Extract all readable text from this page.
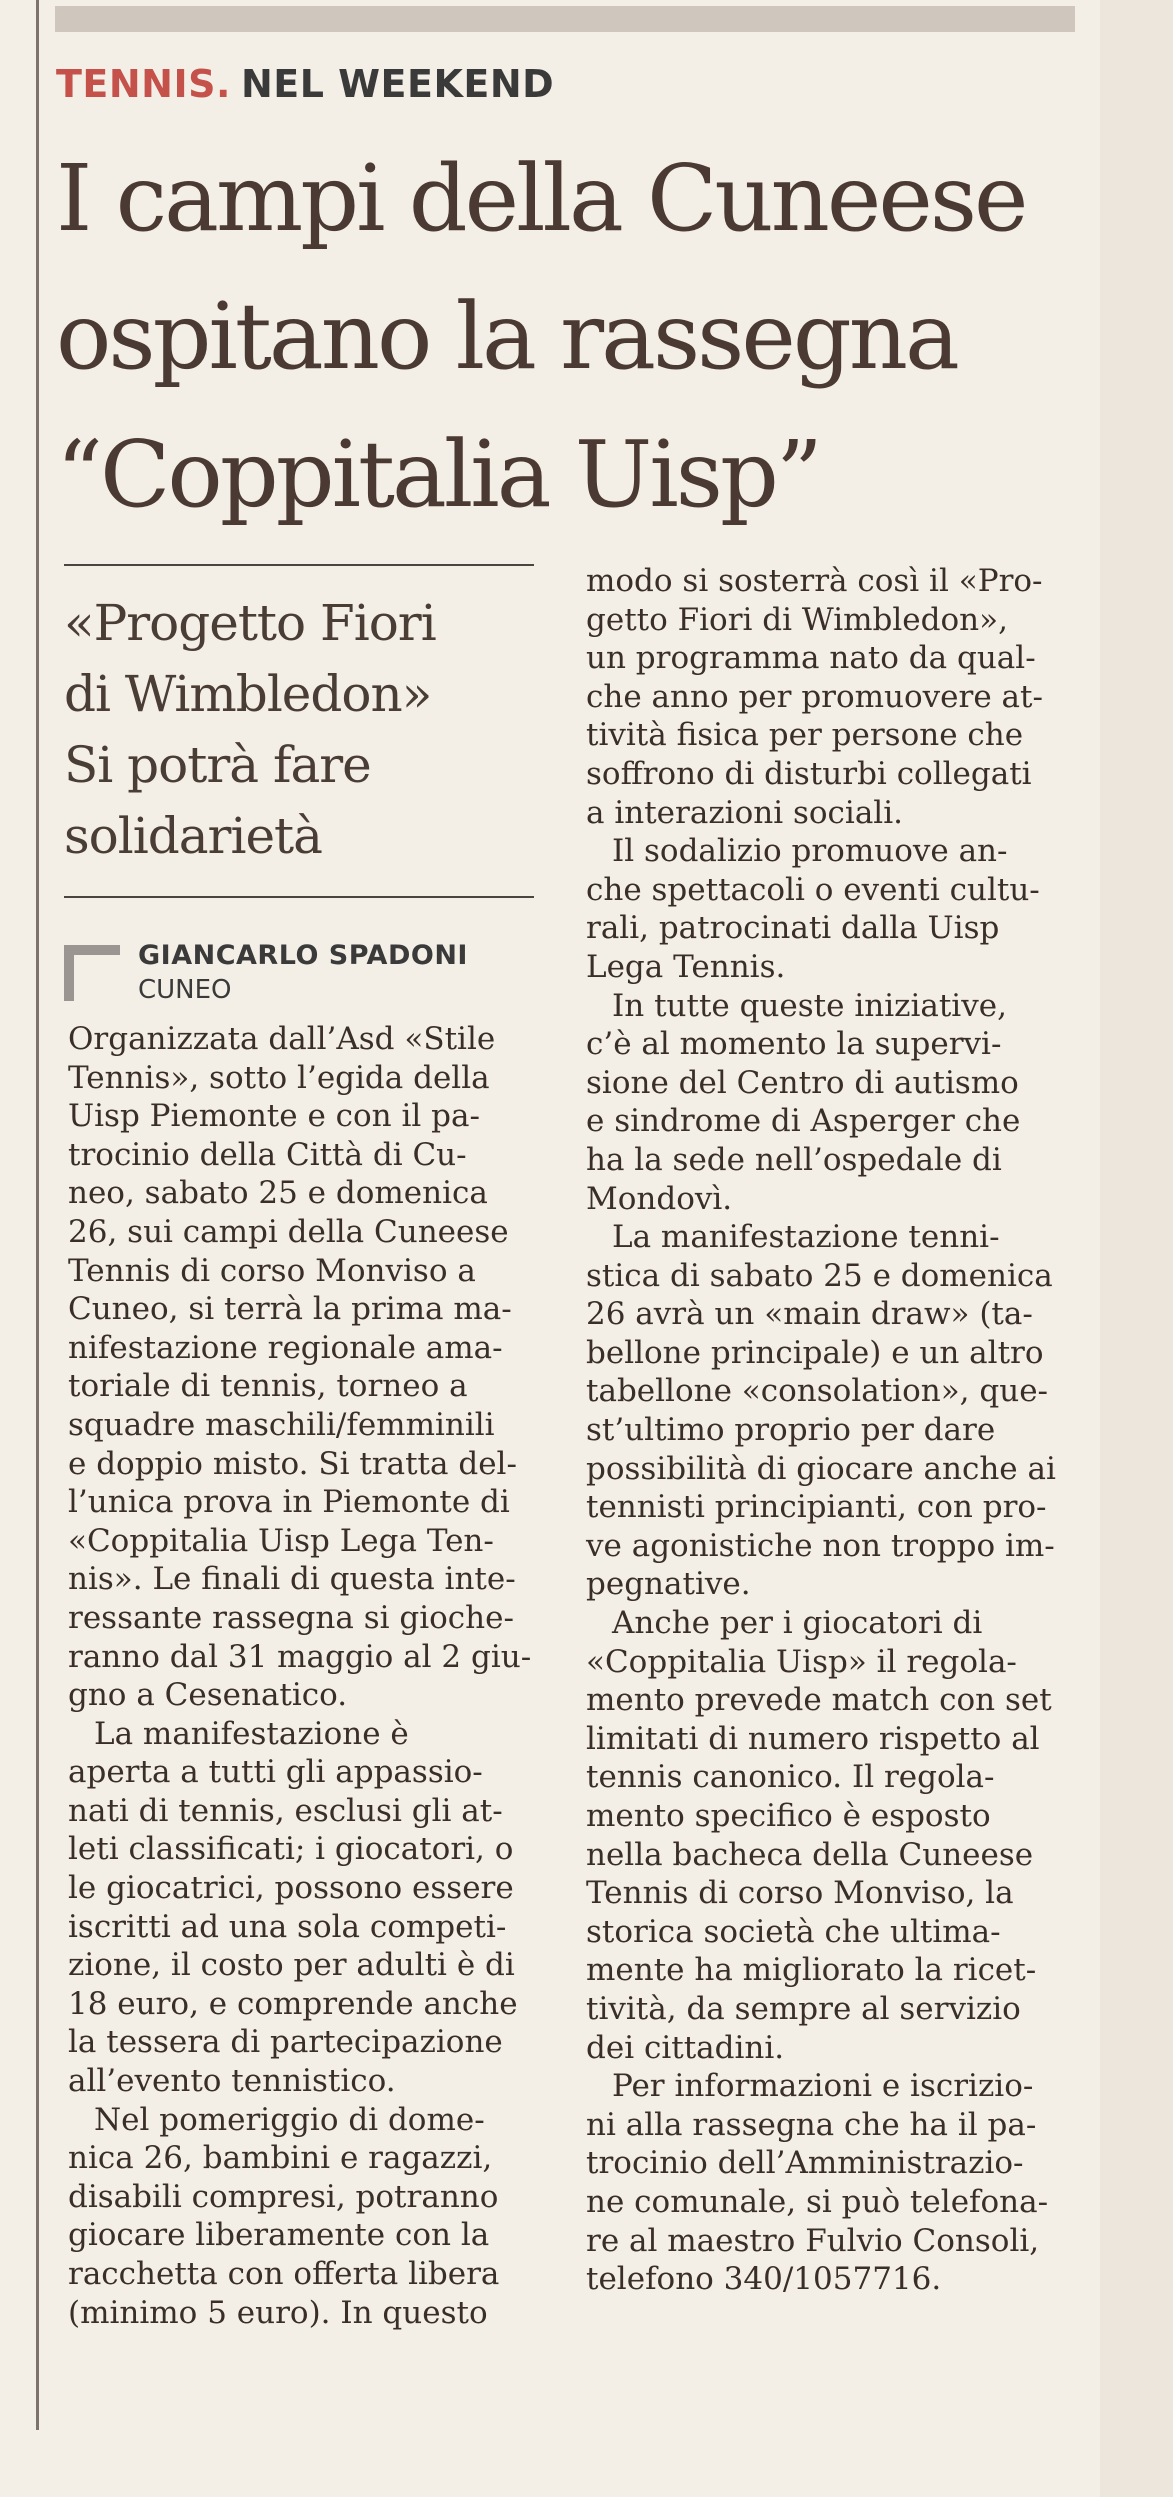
TENNIS. NEL WEEKEND
I campi della Cuneese
ospitano la rassegna
“Coppitalia Uisp”
«Progetto Fiori
di Wimbledon»
Si potrà fare
solidarietà
GIANCARLO SPADONI
CUNEO
Organizzata dall’Asd «Stile
Tennis», sotto l’egida della
Uisp Piemonte e con il pa-
trocinio della Città di Cu-
neo, sabato 25 e domenica
26, sui campi della Cuneese
Tennis di corso Monviso a
Cuneo, si terrà la prima ma-
nifestazione regionale ama-
toriale di tennis, torneo a
squadre maschili/femminili
e doppio misto. Si tratta del-
l’unica prova in Piemonte di
«Coppitalia Uisp Lega Ten-
nis». Le finali di questa inte-
ressante rassegna si gioche-
ranno dal 31 maggio al 2 giu-
gno a Cesenatico.
La manifestazione è
aperta a tutti gli appassio-
nati di tennis, esclusi gli at-
leti classificati; i giocatori, o
le giocatrici, possono essere
iscritti ad una sola competi-
zione, il costo per adulti è di
18 euro, e comprende anche
la tessera di partecipazione
all’evento tennistico.
Nel pomeriggio di dome-
nica 26, bambini e ragazzi,
disabili compresi, potranno
giocare liberamente con la
racchetta con offerta libera
(minimo 5 euro). In questo
modo si sosterrà così il «Pro-
getto Fiori di Wimbledon»,
un programma nato da qual-
che anno per promuovere at-
tività fisica per persone che
soffrono di disturbi collegati
a interazioni sociali.
Il sodalizio promuove an-
che spettacoli o eventi cultu-
rali, patrocinati dalla Uisp
Lega Tennis.
In tutte queste iniziative,
c’è al momento la supervi-
sione del Centro di autismo
e sindrome di Asperger che
ha la sede nell’ospedale di
Mondovì.
La manifestazione tenni-
stica di sabato 25 e domenica
26 avrà un «main draw» (ta-
bellone principale) e un altro
tabellone «consolation», que-
st’ultimo proprio per dare
possibilità di giocare anche ai
tennisti principianti, con pro-
ve agonistiche non troppo im-
pegnative.
Anche per i giocatori di
«Coppitalia Uisp» il regola-
mento prevede match con set
limitati di numero rispetto al
tennis canonico. Il regola-
mento specifico è esposto
nella bacheca della Cuneese
Tennis di corso Monviso, la
storica società che ultima-
mente ha migliorato la ricet-
tività, da sempre al servizio
dei cittadini.
Per informazioni e iscrizio-
ni alla rassegna che ha il pa-
trocinio dell’Amministrazio-
ne comunale, si può telefona-
re al maestro Fulvio Consoli,
telefono 340/1057716.
